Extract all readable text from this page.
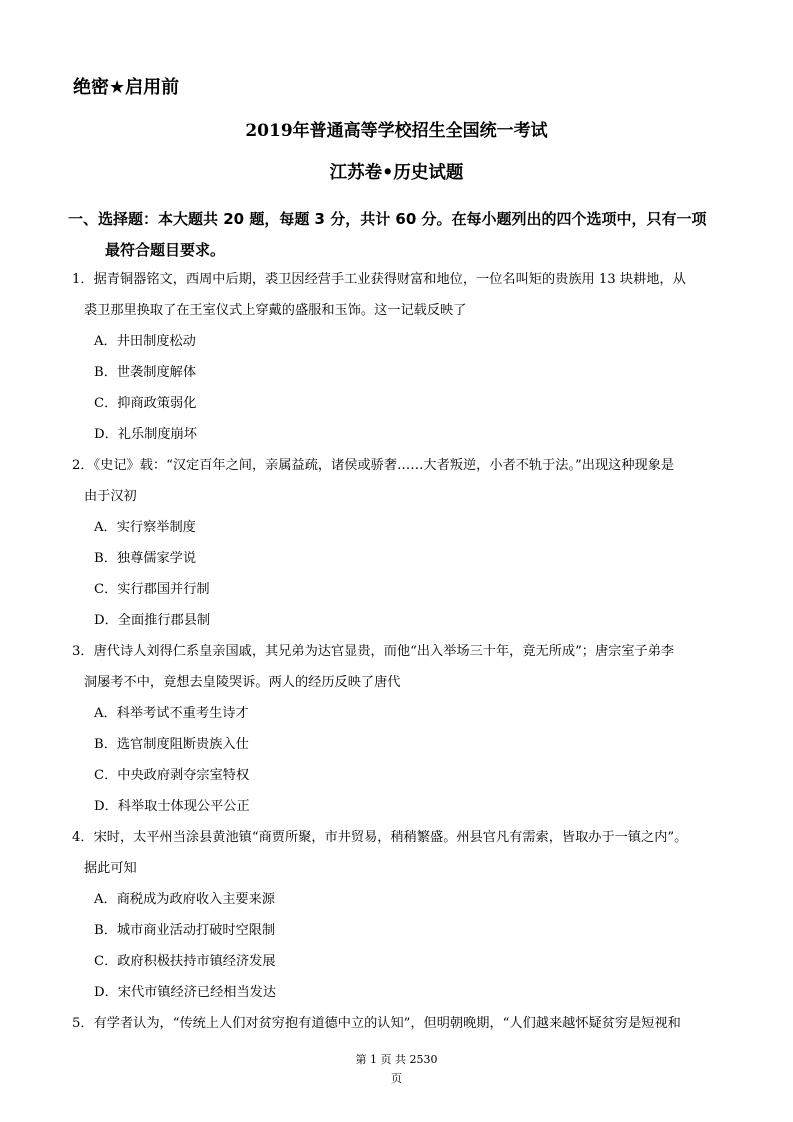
绝密★启用前
2019年普通高等学校招生全国统一考试
江苏卷•历史试题
一、选择题：本大题共 20 题，每题 3 分，共计 60 分。在每小题列出的四个选项中，只有一项
最符合题目要求。
1．据青铜器铭文，西周中后期，裘卫因经营手工业获得财富和地位，一位名叫矩的贵族用 13 块耕地，从
裘卫那里换取了在王室仪式上穿戴的盛服和玉饰。这一记载反映了
A．井田制度松动
B．世袭制度解体
C．抑商政策弱化
D．礼乐制度崩坏
2．《史记》载：“汉定百年之间，亲属益疏，诸侯或骄奢……大者叛逆，小者不轨于法。”出现这种现象是
由于汉初
A．实行察举制度
B．独尊儒家学说
C．实行郡国并行制
D．全面推行郡县制
3．唐代诗人刘得仁系皇亲国戚，其兄弟为达官显贵，而他“出入举场三十年，竟无所成”；唐宗室子弟李
洞屡考不中，竟想去皇陵哭诉。两人的经历反映了唐代
A．科举考试不重考生诗才
B．选官制度阻断贵族入仕
C．中央政府剥夺宗室特权
D．科举取士体现公平公正
4．宋时，太平州当涂县黄池镇“商贾所聚，市井贸易，稍稍繁盛。州县官凡有需索，皆取办于一镇之内”。
据此可知
A．商税成为政府收入主要来源
B．城市商业活动打破时空限制
C．政府积极扶持市镇经济发展
D．宋代市镇经济已经相当发达
5．有学者认为，“传统上人们对贫穷抱有道德中立的认知”，但明朝晚期，“人们越来越怀疑贫穷是短视和
第 1 页 共 2530
页
